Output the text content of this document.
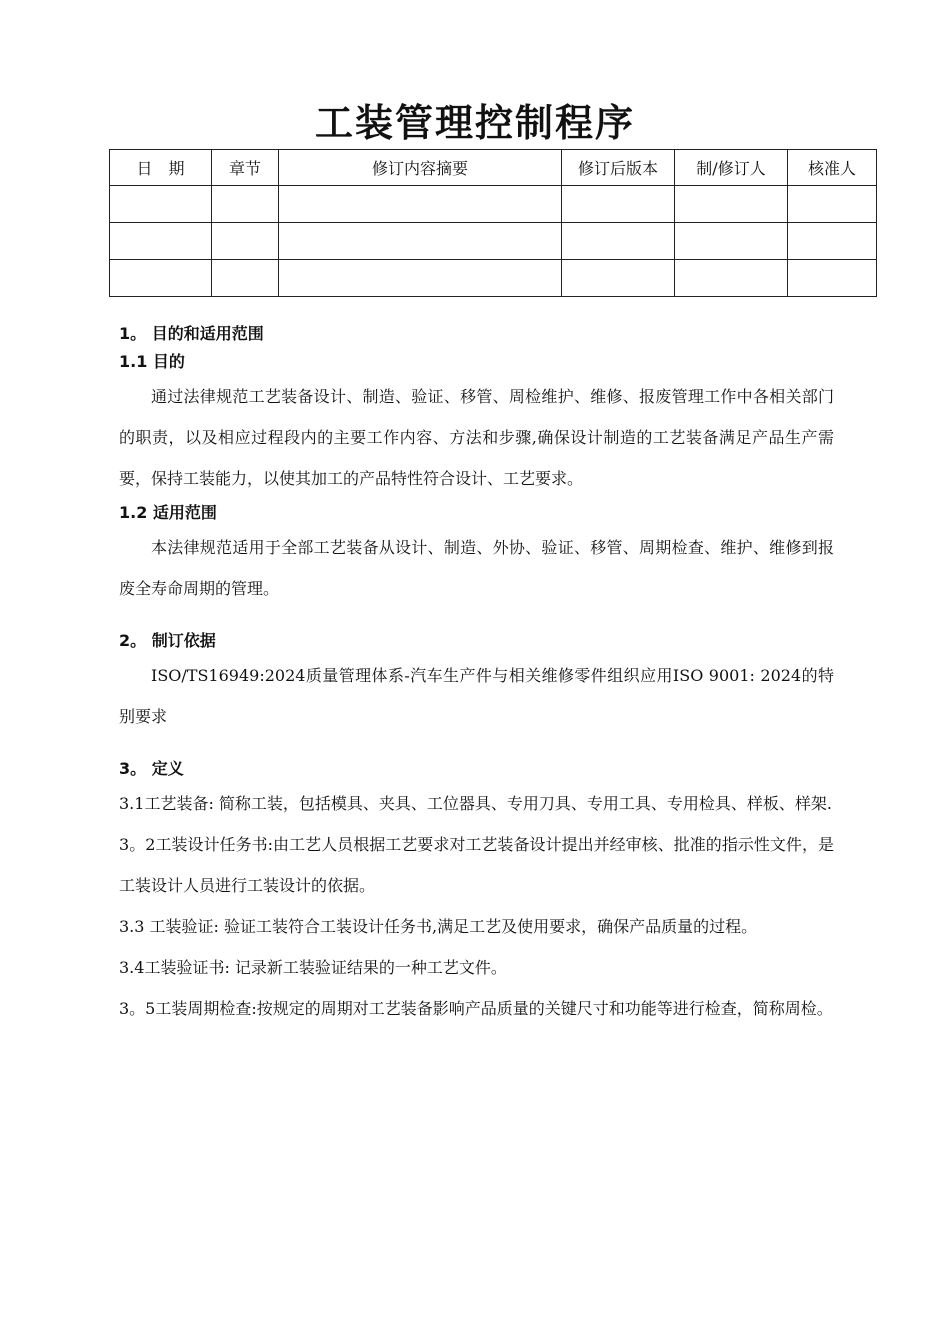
工装管理控制程序
日　期	章节	修订内容摘要	修订后版本	制/修订人	核准人

1。 目的和适用范围
1.1 目的
通过法律规范工艺装备设计、制造、验证、移管、周检维护、维修、报废管理工作中各相关部门的职责，以及相应过程段内的主要工作内容、方法和步骤,确保设计制造的工艺装备满足产品生产需要，保持工装能力，以使其加工的产品特性符合设计、工艺要求。
1.2 适用范围
本法律规范适用于全部工艺装备从设计、制造、外协、验证、移管、周期检查、维护、维修到报废全寿命周期的管理。
2。 制订依据
ISO/TS16949:2024质量管理体系-汽车生产件与相关维修零件组织应用ISO 9001: 2024的特别要求
3。 定义
3.1工艺装备: 简称工装，包括模具、夹具、工位器具、专用刀具、专用工具、专用检具、样板、样架.
3。2工装设计任务书:由工艺人员根据工艺要求对工艺装备设计提出并经审核、批准的指示性文件，是工装设计人员进行工装设计的依据。
3.3 工装验证: 验证工装符合工装设计任务书,满足工艺及使用要求，确保产品质量的过程。
3.4工装验证书: 记录新工装验证结果的一种工艺文件。
3。5工装周期检查:按规定的周期对工艺装备影响产品质量的关键尺寸和功能等进行检查，简称周检。
